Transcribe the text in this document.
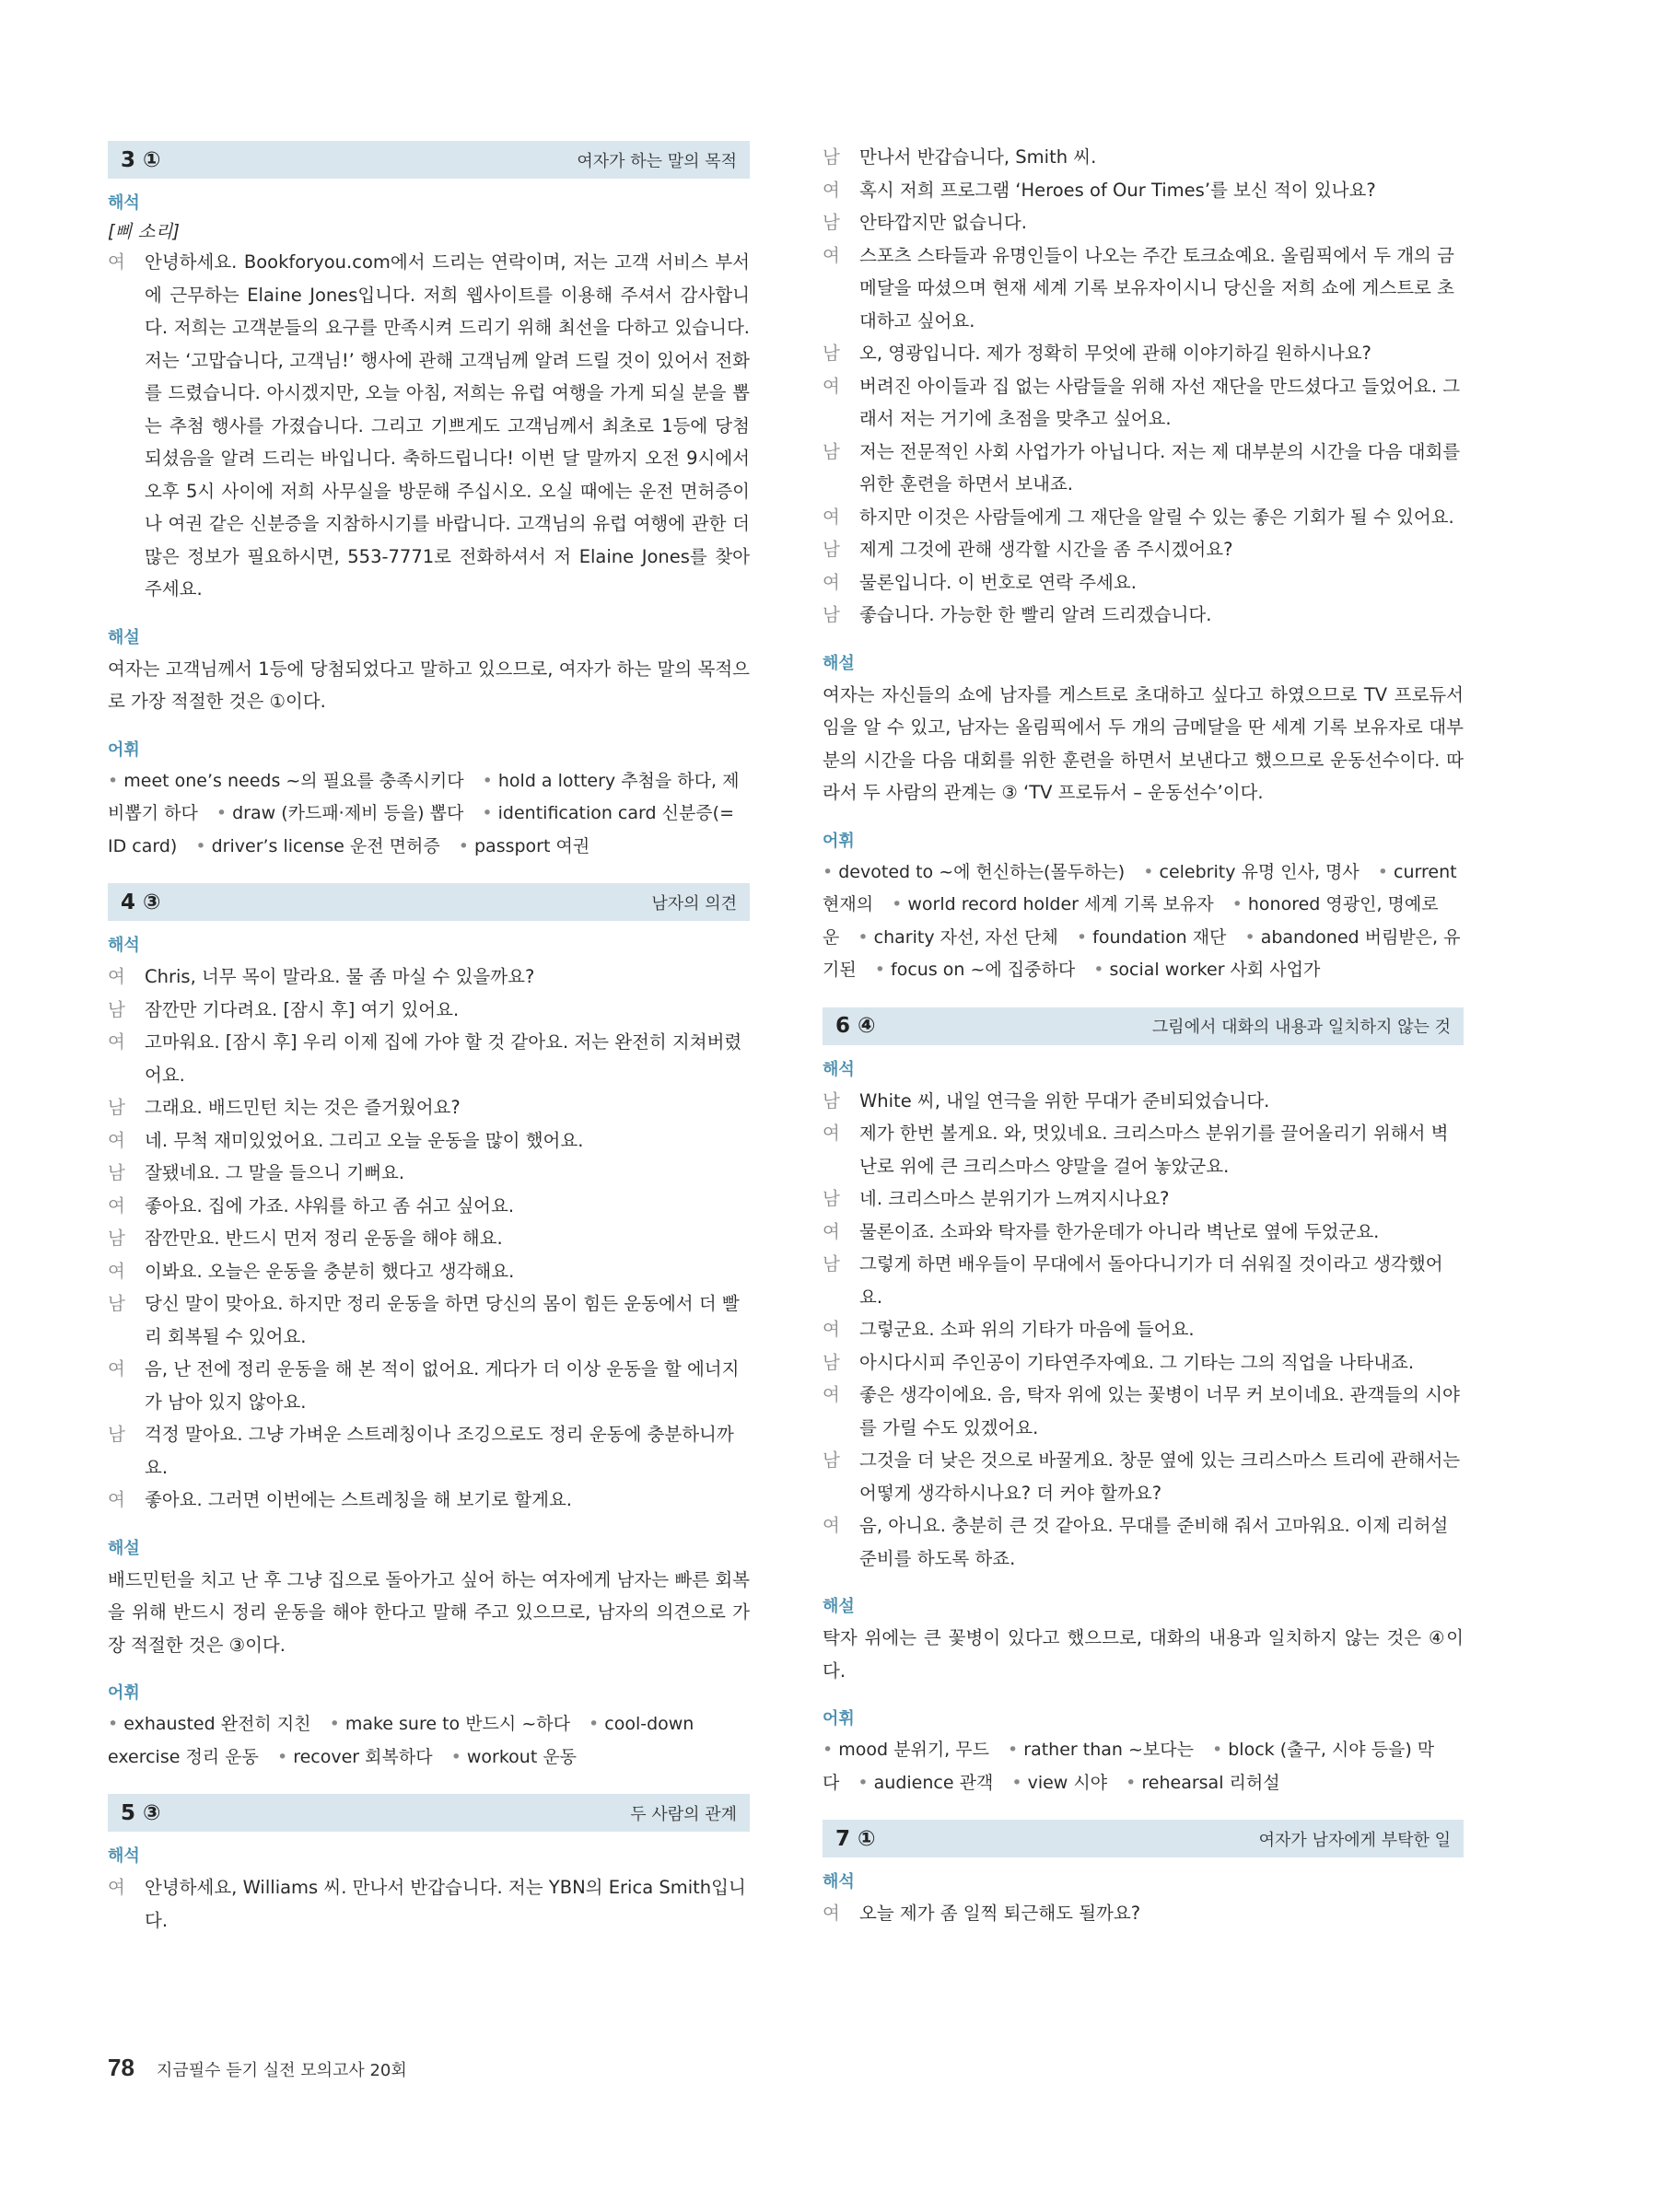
3 ①	여자가 하는 말의 목적
해석
[삐 소리]
여	안녕하세요. Bookforyou.com에서 드리는 연락이며, 저는 고객 서비스 부서에 근무하는 Elaine Jones입니다. 저희 웹사이트를 이용해 주셔서 감사합니다. 저희는 고객분들의 요구를 만족시켜 드리기 위해 최선을 다하고 있습니다. 저는 ‘고맙습니다, 고객님!’ 행사에 관해 고객님께 알려 드릴 것이 있어서 전화를 드렸습니다. 아시겠지만, 오늘 아침, 저희는 유럽 여행을 가게 되실 분을 뽑는 추첨 행사를 가졌습니다. 그리고 기쁘게도 고객님께서 최초로 1등에 당첨되셨음을 알려 드리는 바입니다. 축하드립니다! 이번 달 말까지 오전 9시에서 오후 5시 사이에 저희 사무실을 방문해 주십시오. 오실 때에는 운전 면허증이나 여권 같은 신분증을 지참하시기를 바랍니다. 고객님의 유럽 여행에 관한 더 많은 정보가 필요하시면, 553-7771로 전화하셔서 저 Elaine Jones를 찾아 주세요.
해설
여자는 고객님께서 1등에 당첨되었다고 말하고 있으므로, 여자가 하는 말의 목적으로 가장 적절한 것은 ①이다.
어휘
• meet one’s needs ~의 필요를 충족시키다 • hold a lottery 추첨을 하다, 제비뽑기 하다 • draw (카드패·제비 등을) 뽑다 • identification card 신분증(= ID card) • driver’s license 운전 면허증 • passport 여권
4 ③	남자의 의견
해석
여	Chris, 너무 목이 말라요. 물 좀 마실 수 있을까요?
남	잠깐만 기다려요. [잠시 후] 여기 있어요.
여	고마워요. [잠시 후] 우리 이제 집에 가야 할 것 같아요. 저는 완전히 지쳐버렸어요.
남	그래요. 배드민턴 치는 것은 즐거웠어요?
여	네. 무척 재미있었어요. 그리고 오늘 운동을 많이 했어요.
남	잘됐네요. 그 말을 들으니 기뻐요.
여	좋아요. 집에 가죠. 샤워를 하고 좀 쉬고 싶어요.
남	잠깐만요. 반드시 먼저 정리 운동을 해야 해요.
여	이봐요. 오늘은 운동을 충분히 했다고 생각해요.
남	당신 말이 맞아요. 하지만 정리 운동을 하면 당신의 몸이 힘든 운동에서 더 빨리 회복될 수 있어요.
여	음, 난 전에 정리 운동을 해 본 적이 없어요. 게다가 더 이상 운동을 할 에너지가 남아 있지 않아요.
남	걱정 말아요. 그냥 가벼운 스트레칭이나 조깅으로도 정리 운동에 충분하니까요.
여	좋아요. 그러면 이번에는 스트레칭을 해 보기로 할게요.
해설
배드민턴을 치고 난 후 그냥 집으로 돌아가고 싶어 하는 여자에게 남자는 빠른 회복을 위해 반드시 정리 운동을 해야 한다고 말해 주고 있으므로, 남자의 의견으로 가장 적절한 것은 ③이다.
어휘
• exhausted 완전히 지친 • make sure to 반드시 ~하다 • cool-down exercise 정리 운동 • recover 회복하다 • workout 운동
5 ③	두 사람의 관계
해석
여	안녕하세요, Williams 씨. 만나서 반갑습니다. 저는 YBN의 Erica Smith입니다.
남	만나서 반갑습니다, Smith 씨.
여	혹시 저희 프로그램 ‘Heroes of Our Times’를 보신 적이 있나요?
남	안타깝지만 없습니다.
여	스포츠 스타들과 유명인들이 나오는 주간 토크쇼예요. 올림픽에서 두 개의 금메달을 따셨으며 현재 세계 기록 보유자이시니 당신을 저희 쇼에 게스트로 초대하고 싶어요.
남	오, 영광입니다. 제가 정확히 무엇에 관해 이야기하길 원하시나요?
여	버려진 아이들과 집 없는 사람들을 위해 자선 재단을 만드셨다고 들었어요. 그래서 저는 거기에 초점을 맞추고 싶어요.
남	저는 전문적인 사회 사업가가 아닙니다. 저는 제 대부분의 시간을 다음 대회를 위한 훈련을 하면서 보내죠.
여	하지만 이것은 사람들에게 그 재단을 알릴 수 있는 좋은 기회가 될 수 있어요.
남	제게 그것에 관해 생각할 시간을 좀 주시겠어요?
여	물론입니다. 이 번호로 연락 주세요.
남	좋습니다. 가능한 한 빨리 알려 드리겠습니다.
해설
여자는 자신들의 쇼에 남자를 게스트로 초대하고 싶다고 하였으므로 TV 프로듀서임을 알 수 있고, 남자는 올림픽에서 두 개의 금메달을 딴 세계 기록 보유자로 대부분의 시간을 다음 대회를 위한 훈련을 하면서 보낸다고 했으므로 운동선수이다. 따라서 두 사람의 관계는 ③ ‘TV 프로듀서 – 운동선수’이다.
어휘
• devoted to ~에 헌신하는(몰두하는) • celebrity 유명 인사, 명사 • current 현재의 • world record holder 세계 기록 보유자 • honored 영광인, 명예로운 • charity 자선, 자선 단체 • foundation 재단 • abandoned 버림받은, 유기된 • focus on ~에 집중하다 • social worker 사회 사업가
6 ④	그림에서 대화의 내용과 일치하지 않는 것
해석
남	White 씨, 내일 연극을 위한 무대가 준비되었습니다.
여	제가 한번 볼게요. 와, 멋있네요. 크리스마스 분위기를 끌어올리기 위해서 벽난로 위에 큰 크리스마스 양말을 걸어 놓았군요.
남	네. 크리스마스 분위기가 느껴지시나요?
여	물론이죠. 소파와 탁자를 한가운데가 아니라 벽난로 옆에 두었군요.
남	그렇게 하면 배우들이 무대에서 돌아다니기가 더 쉬워질 것이라고 생각했어요.
여	그렇군요. 소파 위의 기타가 마음에 들어요.
남	아시다시피 주인공이 기타연주자예요. 그 기타는 그의 직업을 나타내죠.
여	좋은 생각이에요. 음, 탁자 위에 있는 꽃병이 너무 커 보이네요. 관객들의 시야를 가릴 수도 있겠어요.
남	그것을 더 낮은 것으로 바꿀게요. 창문 옆에 있는 크리스마스 트리에 관해서는 어떻게 생각하시나요? 더 커야 할까요?
여	음, 아니요. 충분히 큰 것 같아요. 무대를 준비해 줘서 고마워요. 이제 리허설 준비를 하도록 하죠.
해설
탁자 위에는 큰 꽃병이 있다고 했으므로, 대화의 내용과 일치하지 않는 것은 ④이다.
어휘
• mood 분위기, 무드 • rather than ~보다는 • block (출구, 시야 등을) 막다 • audience 관객 • view 시야 • rehearsal 리허설
7 ①	여자가 남자에게 부탁한 일
해석
여	오늘 제가 좀 일찍 퇴근해도 될까요?
78 지금필수 듣기 실전 모의고사 20회
